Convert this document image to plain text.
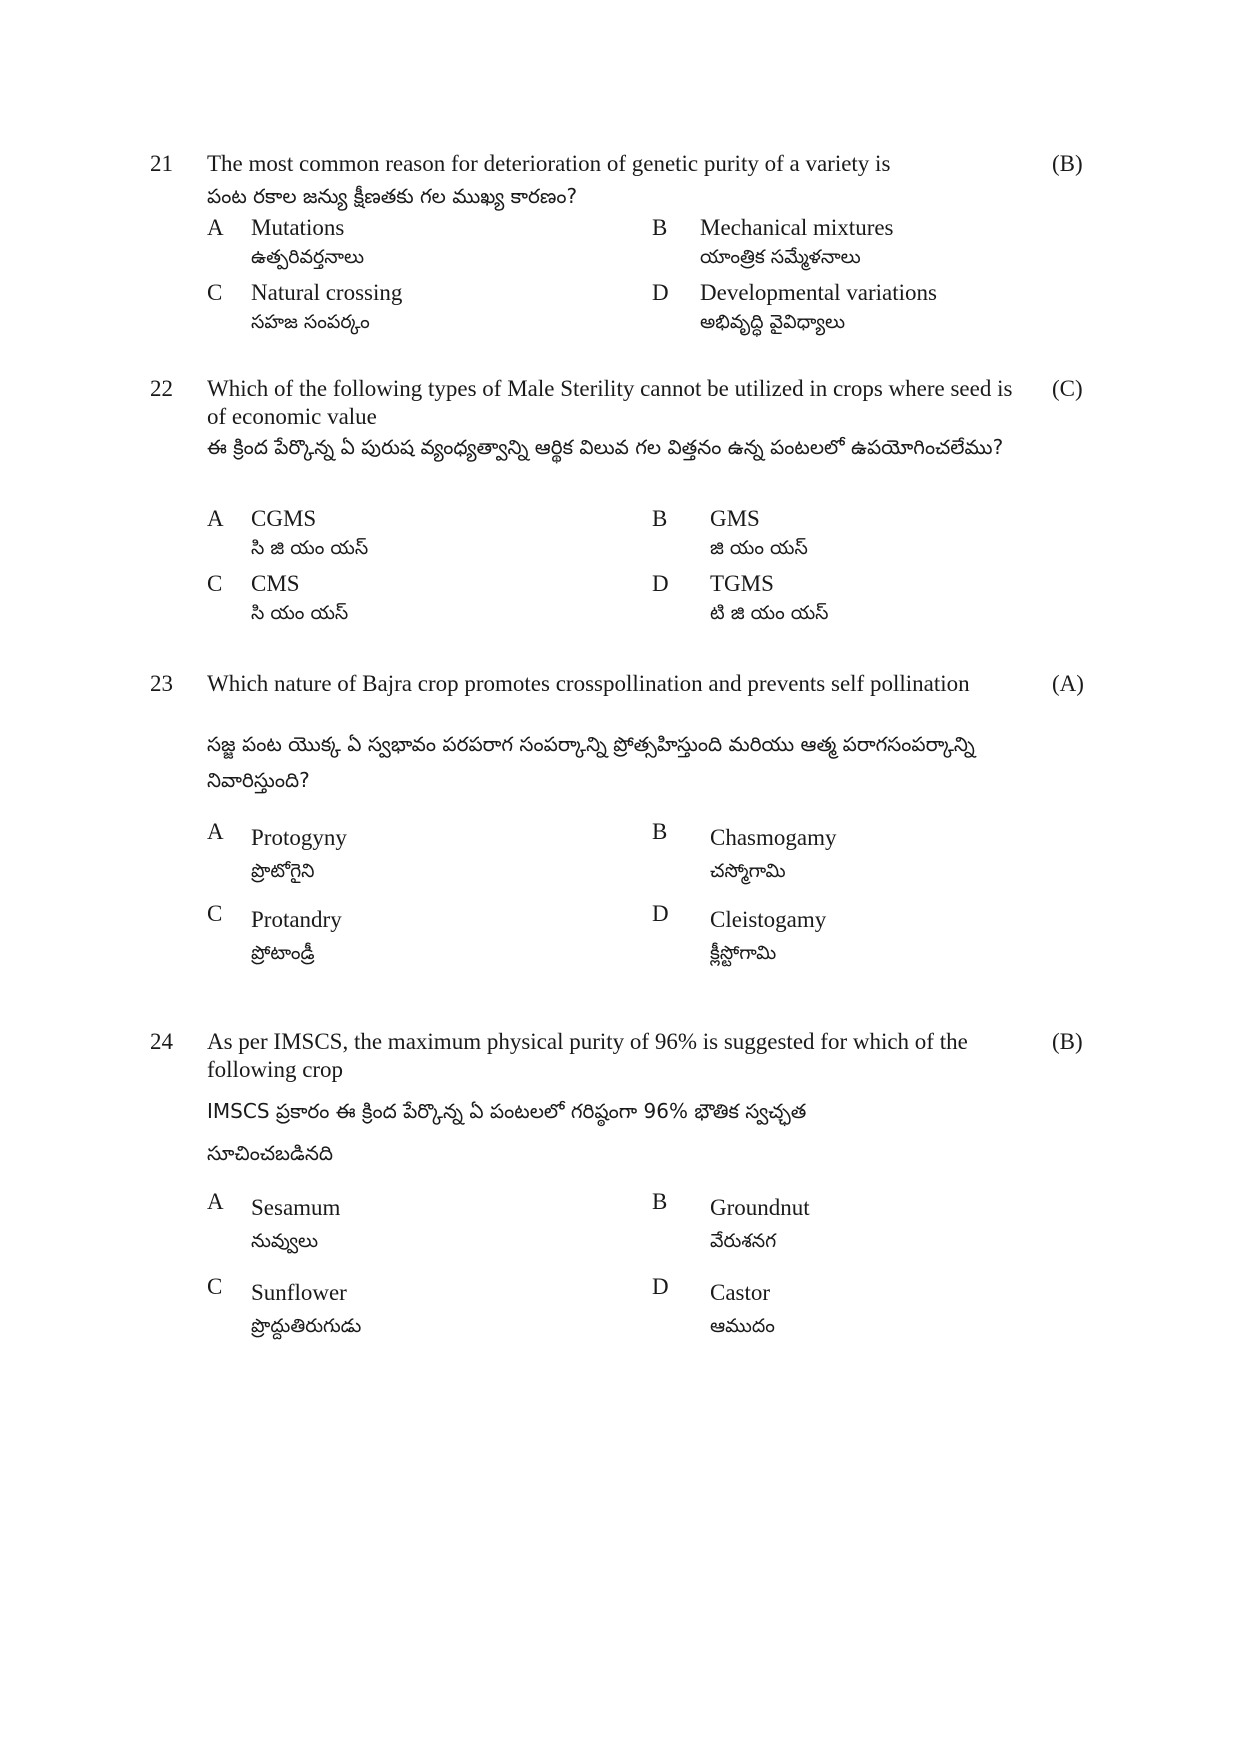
21 The most common reason for deterioration of genetic purity of a variety is	(B)
పంట రకాల జన్యు క్షీణతకు గల ముఖ్య కారణం?
A Mutations
ఉత్పరివర్తనాలు
B Mechanical mixtures
యాంత్రిక సమ్మేళనాలు
C Natural crossing
సహజ సంపర్కం
D Developmental variations
అభివృద్ధి వైవిధ్యాలు
22 Which of the following types of Male Sterility cannot be utilized in crops where seed is of economic value
(C)
ఈ క్రింద పేర్కొన్న ఏ పురుష వ్యంధ్యత్వాన్ని ఆర్థిక విలువ గల విత్తనం ఉన్న పంటలలో ఉపయోగించలేము?
A CGMS
సి జి యం యస్
B GMS
జి యం యస్
C CMS
సి యం యస్
D TGMS
టి జి యం యస్
23 Which nature of Bajra crop promotes crosspollination and prevents self pollination	(A)
సజ్జ పంట యొక్క ఏ స్వభావం పరపరాగ సంపర్కాన్ని ప్రోత్సహిస్తుంది మరియు ఆత్మ పరాగసంపర్కాన్ని నివారిస్తుంది?
A Protogyny
ప్రొటోగైని
B Chasmogamy
చస్మోగామి
C Protandry
ప్రోటాండ్రీ
D Cleistogamy
క్లీస్టోగామి
24 As per IMSCS, the maximum physical purity of 96% is suggested for which of the following crop
(B)
IMSCS ప్రకారం ఈ క్రింద పేర్కొన్న ఏ పంటలలో గరిష్ఠంగా 96% భౌతిక స్వచ్ఛత సూచించబడినది
A Sesamum
నువ్వులు
B Groundnut
వేరుశనగ
C Sunflower
ప్రొద్దుతిరుగుడు
D Castor
ఆముదం
